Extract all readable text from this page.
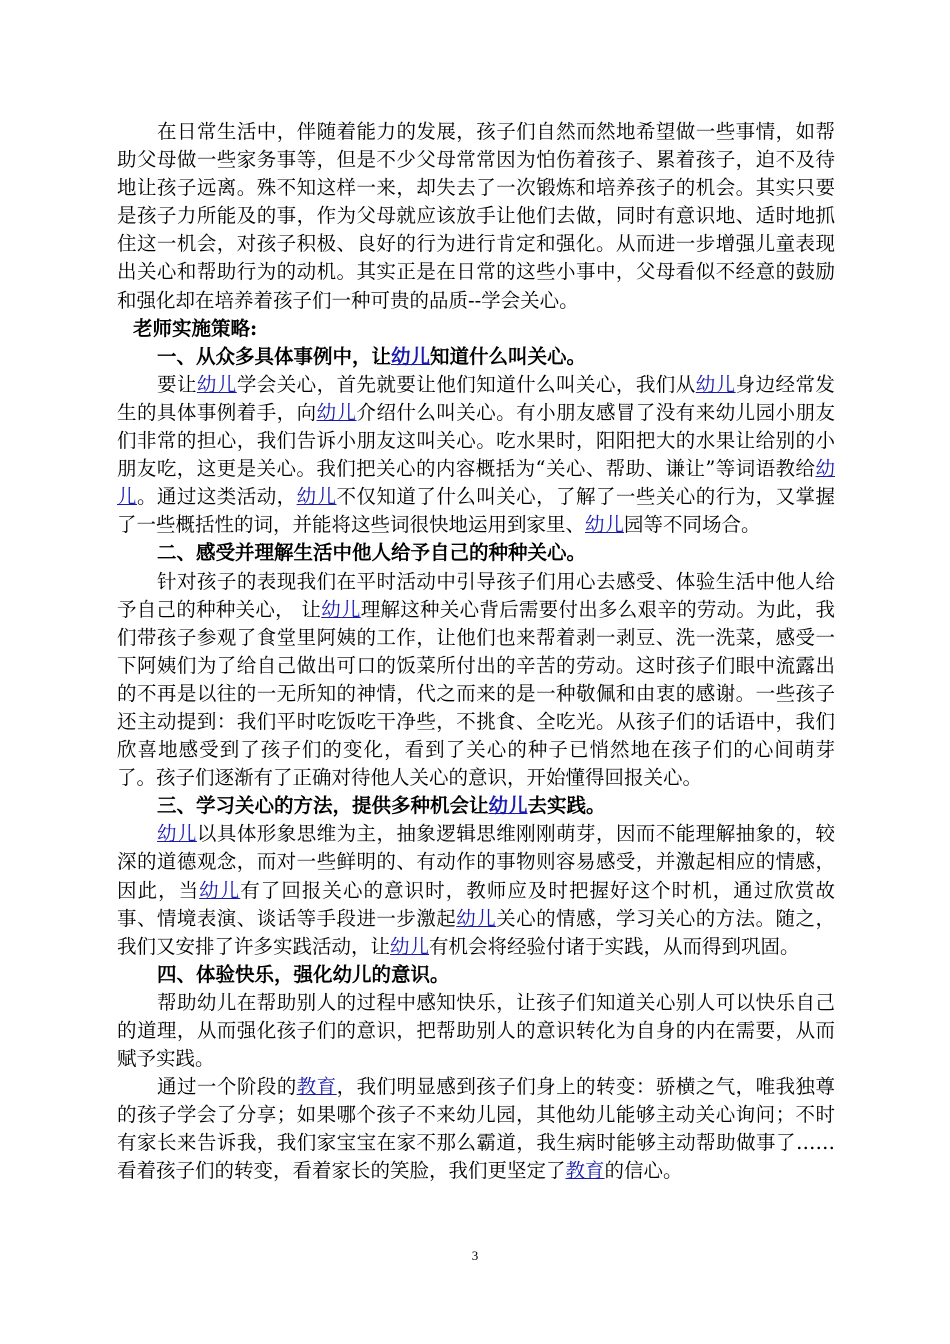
在日常生活中，伴随着能力的发展，孩子们自然而然地希望做一些事情，如帮助父母做一些家务事等，但是不少父母常常因为怕伤着孩子、累着孩子，迫不及待地让孩子远离。殊不知这样一来，却失去了一次锻炼和培养孩子的机会。其实只要是孩子力所能及的事，作为父母就应该放手让他们去做，同时有意识地、适时地抓住这一机会，对孩子积极、良好的行为进行肯定和强化。从而进一步增强儿童表现出关心和帮助行为的动机。其实正是在日常的这些小事中，父母看似不经意的鼓励和强化却在培养着孩子们一种可贵的品质--学会关心。

老师实施策略:

一、从众多具体事例中，让幼儿知道什么叫关心。

要让幼儿学会关心，首先就要让他们知道什么叫关心，我们从幼儿身边经常发生的具体事例着手，向幼儿介绍什么叫关心。有小朋友感冒了没有来幼儿园小朋友们非常的担心，我们告诉小朋友这叫关心。吃水果时，阳阳把大的水果让给别的小朋友吃，这更是关心。我们把关心的内容概括为“关心、帮助、谦让”等词语教给幼儿。通过这类活动，幼儿不仅知道了什么叫关心，了解了一些关心的行为，又掌握了一些概括性的词，并能将这些词很快地运用到家里、幼儿园等不同场合。

二、感受并理解生活中他人给予自己的种种关心。

针对孩子的表现我们在平时活动中引导孩子们用心去感受、体验生活中他人给予自己的种种关心， 让幼儿理解这种关心背后需要付出多么艰辛的劳动。为此，我们带孩子参观了食堂里阿姨的工作，让他们也来帮着剥一剥豆、洗一洗菜，感受一下阿姨们为了给自己做出可口的饭菜所付出的辛苦的劳动。这时孩子们眼中流露出的不再是以往的一无所知的神情，代之而来的是一种敬佩和由衷的感谢。一些孩子还主动提到：我们平时吃饭吃干净些，不挑食、全吃光。从孩子们的话语中，我们欣喜地感受到了孩子们的变化，看到了关心的种子已悄然地在孩子们的心间萌芽了。孩子们逐渐有了正确对待他人关心的意识，开始懂得回报关心。

三、学习关心的方法，提供多种机会让幼儿去实践。

幼儿以具体形象思维为主，抽象逻辑思维刚刚萌芽，因而不能理解抽象的，较深的道德观念，而对一些鲜明的、有动作的事物则容易感受，并激起相应的情感，因此，当幼儿有了回报关心的意识时，教师应及时把握好这个时机，通过欣赏故事、情境表演、谈话等手段进一步激起幼儿关心的情感，学习关心的方法。随之，我们又安排了许多实践活动，让幼儿有机会将经验付诸于实践，从而得到巩固。

四、体验快乐，强化幼儿的意识。

帮助幼儿在帮助别人的过程中感知快乐，让孩子们知道关心别人可以快乐自己的道理，从而强化孩子们的意识，把帮助别人的意识转化为自身的内在需要，从而赋予实践。

通过一个阶段的教育，我们明显感到孩子们身上的转变：骄横之气，唯我独尊的孩子学会了分享；如果哪个孩子不来幼儿园，其他幼儿能够主动关心询问；不时有家长来告诉我，我们家宝宝在家不那么霸道，我生病时能够主动帮助做事了…… 看着孩子们的转变，看着家长的笑脸，我们更坚定了教育的信心。

3
